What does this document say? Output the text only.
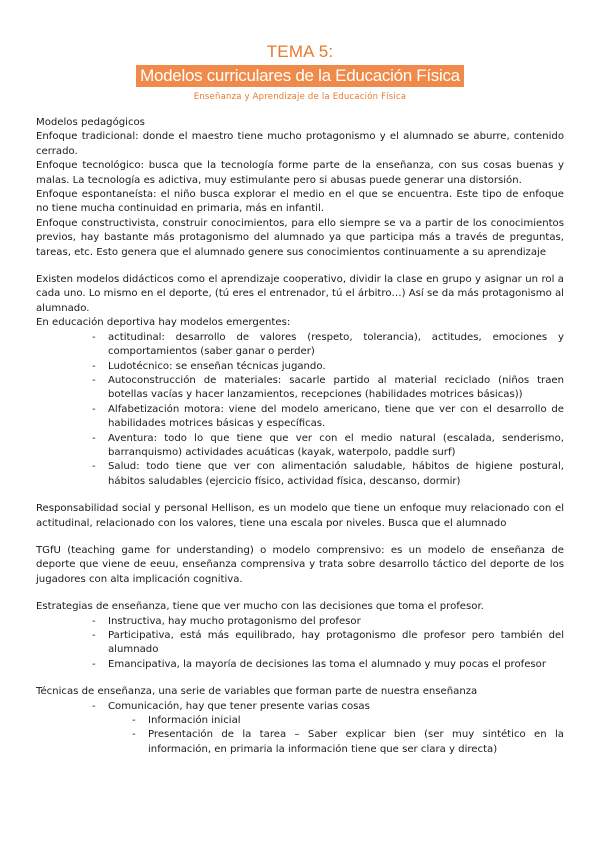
TEMA 5:
Modelos curriculares de la Educación Física
Enseñanza y Aprendizaje de la Educación Física

Modelos pedagógicos

Enfoque tradicional: donde el maestro tiene mucho protagonismo y el alumnado se aburre, contenido cerrado.

Enfoque tecnológico: busca que la tecnología forme parte de la enseñanza, con sus cosas buenas y malas. La tecnología es adictiva, muy estimulante pero si abusas puede generar una distorsión.

Enfoque espontaneísta: el niño busca explorar el medio en el que se encuentra. Este tipo de enfoque no tiene mucha continuidad en primaria, más en infantil.

Enfoque constructivista, construir conocimientos, para ello siempre se va a partir de los conocimientos previos, hay bastante más protagonismo del alumnado ya que participa más a través de preguntas, tareas, etc. Esto genera que el alumnado genere sus conocimientos continuamente a su aprendizaje

Existen modelos didácticos como el aprendizaje cooperativo, dividir la clase en grupo y asignar un rol a cada uno. Lo mismo en el deporte, (tú eres el entrenador, tú el árbitro…) Así se da más protagonismo al alumnado.

En educación deportiva hay modelos emergentes:

- actitudinal: desarrollo de valores (respeto, tolerancia), actitudes, emociones y comportamientos (saber ganar o perder)
- Ludotécnico: se enseñan técnicas jugando.
- Autoconstrucción de materiales: sacarle partido al material reciclado (niños traen botellas vacías y hacer lanzamientos, recepciones (habilidades motrices básicas))
- Alfabetización motora: viene del modelo americano, tiene que ver con el desarrollo de habilidades motrices básicas y específicas.
- Aventura: todo lo que tiene que ver con el medio natural (escalada, senderismo, barranquismo) actividades acuáticas (kayak, waterpolo, paddle surf)
- Salud: todo tiene que ver con alimentación saludable, hábitos de higiene postural, hábitos saludables (ejercicio físico, actividad física, descanso, dormir)

Responsabilidad social y personal Hellison, es un modelo que tiene un enfoque muy relacionado con el actitudinal, relacionado con los valores, tiene una escala por niveles. Busca que el alumnado

TGfU (teaching game for understanding) o modelo comprensivo: es un modelo de enseñanza de deporte que viene de eeuu, enseñanza comprensiva y trata sobre desarrollo táctico del deporte de los jugadores con alta implicación cognitiva.

Estrategias de enseñanza, tiene que ver mucho con las decisiones que toma el profesor.

- Instructiva, hay mucho protagonismo del profesor
- Participativa, está más equilibrado, hay protagonismo dle profesor pero también del alumnado
- Emancipativa, la mayoría de decisiones las toma el alumnado y muy pocas el profesor

Técnicas de enseñanza, una serie de variables que forman parte de nuestra enseñanza

- Comunicación, hay que tener presente varias cosas
- Información inicial
- Presentación de la tarea – Saber explicar bien (ser muy sintético en la información, en primaria la información tiene que ser clara y directa)
